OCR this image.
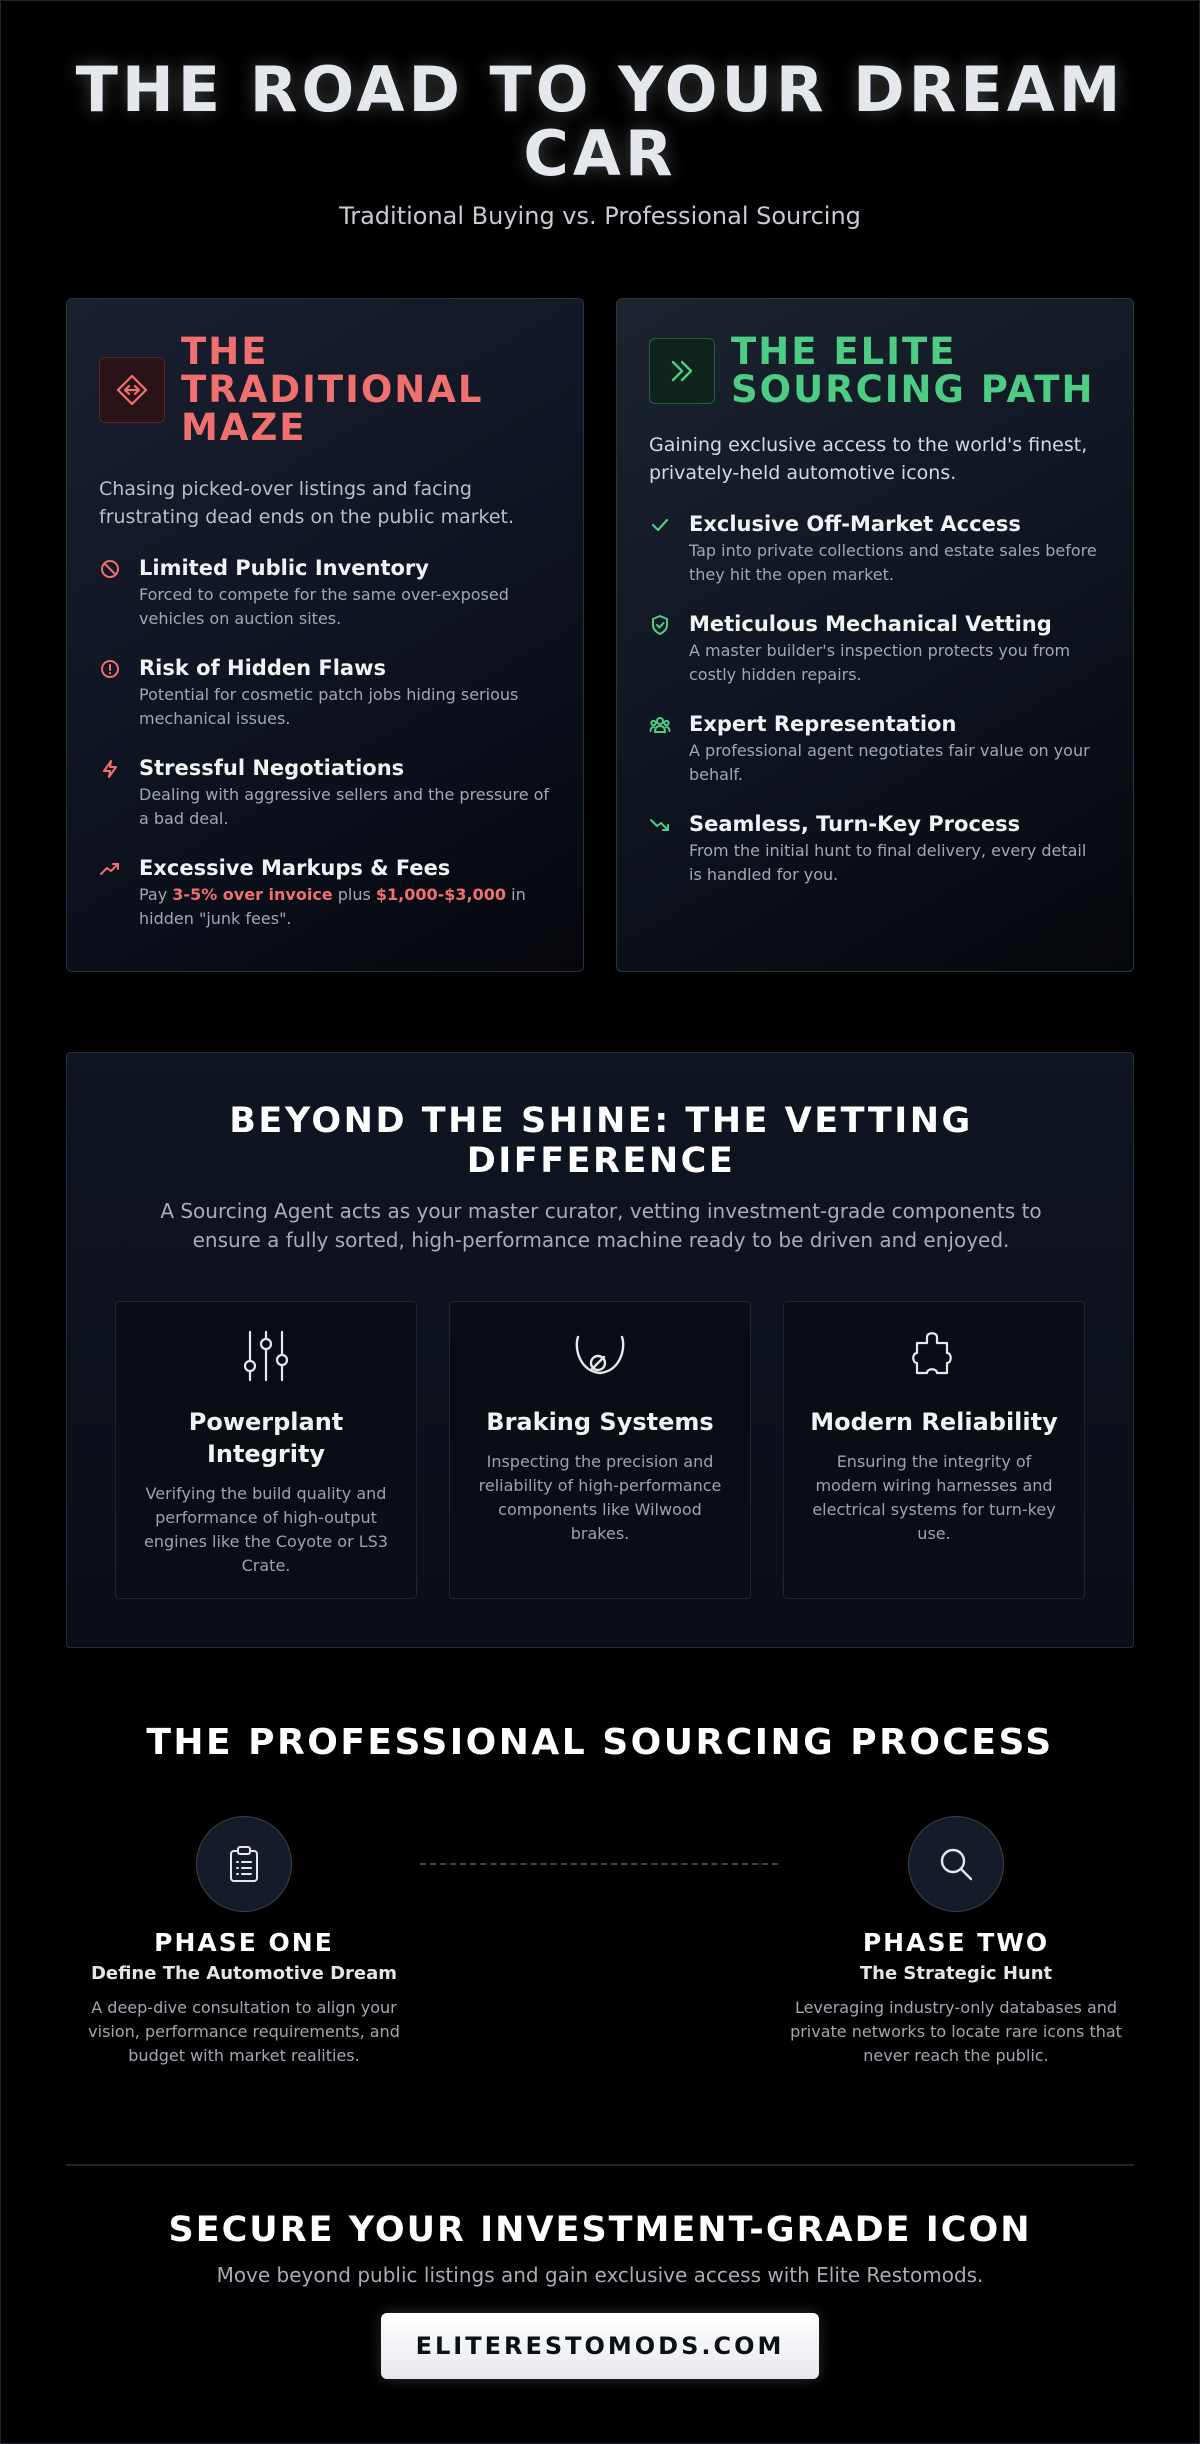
THE ROAD TO YOUR DREAM CAR
Traditional Buying vs. Professional Sourcing
THE TRADITIONAL MAZE
Chasing picked-over listings and facing frustrating dead ends on the public market.
Limited Public Inventory
Forced to compete for the same over-exposed vehicles on auction sites.
Risk of Hidden Flaws
Potential for cosmetic patch jobs hiding serious mechanical issues.
Stressful Negotiations
Dealing with aggressive sellers and the pressure of a bad deal.
Excessive Markups & Fees
Pay 3-5% over invoice plus $1,000-$3,000 in hidden "junk fees".
THE ELITE SOURCING PATH
Gaining exclusive access to the world's finest, privately-held automotive icons.
Exclusive Off-Market Access
Tap into private collections and estate sales before they hit the open market.
Meticulous Mechanical Vetting
A master builder's inspection protects you from costly hidden repairs.
Expert Representation
A professional agent negotiates fair value on your behalf.
Seamless, Turn-Key Process
From the initial hunt to final delivery, every detail is handled for you.
BEYOND THE SHINE: THE VETTING DIFFERENCE
A Sourcing Agent acts as your master curator, vetting investment-grade components to ensure a fully sorted, high-performance machine ready to be driven and enjoyed.
Powerplant Integrity
Verifying the build quality and performance of high-output engines like the Coyote or LS3 Crate.
Braking Systems
Inspecting the precision and reliability of high-performance components like Wilwood brakes.
Modern Reliability
Ensuring the integrity of modern wiring harnesses and electrical systems for turn-key use.
THE PROFESSIONAL SOURCING PROCESS
PHASE ONE
Define The Automotive Dream
A deep-dive consultation to align your vision, performance requirements, and budget with market realities.
PHASE TWO
The Strategic Hunt
Leveraging industry-only databases and private networks to locate rare icons that never reach the public.
SECURE YOUR INVESTMENT-GRADE ICON
Move beyond public listings and gain exclusive access with Elite Restomods.
ELITERESTOMODS.COM
